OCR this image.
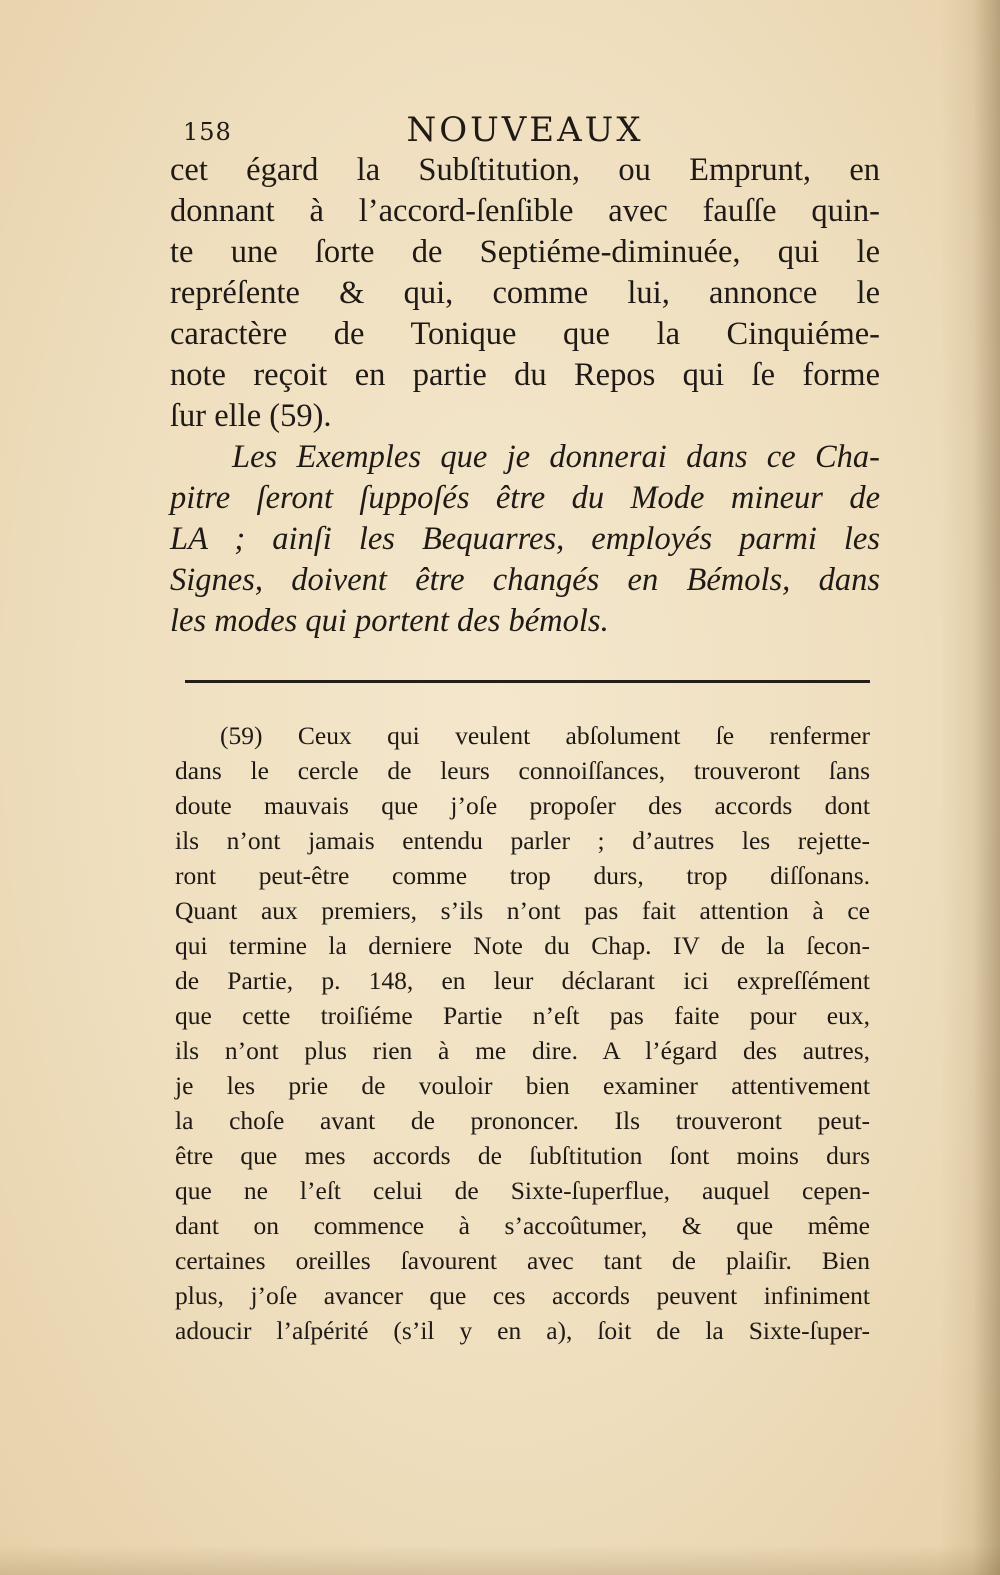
158	NOUVEAUX
cet égard la Subſtitution, ou Emprunt, en
donnant à l’accord-ſenſible avec fauſſe quin-
te une ſorte de Septiéme-diminuée, qui le
repréſente & qui, comme lui, annonce le
caractère de Tonique que la Cinquiéme-
note reçoit en partie du Repos qui ſe forme
ſur elle (59).
Les Exemples que je donnerai dans ce Cha-
pitre ſeront ſuppoſés être du Mode mineur de
LA ; ainſi les Bequarres, employés parmi les
Signes, doivent être changés en Bémols, dans
les modes qui portent des bémols.
(59) Ceux qui veulent abſolument ſe renfermer
dans le cercle de leurs connoiſſances, trouveront ſans
doute mauvais que j’oſe propoſer des accords dont
ils n’ont jamais entendu parler ; d’autres les rejette-
ront peut-être comme trop durs, trop diſſonans.
Quant aux premiers, s’ils n’ont pas fait attention à ce
qui termine la derniere Note du Chap. IV de la ſecon-
de Partie, p. 148, en leur déclarant ici expreſſément
que cette troiſiéme Partie n’eſt pas faite pour eux,
ils n’ont plus rien à me dire. A l’égard des autres,
je les prie de vouloir bien examiner attentivement
la choſe avant de prononcer. Ils trouveront peut-
être que mes accords de ſubſtitution ſont moins durs
que ne l’eſt celui de Sixte-ſuperflue, auquel cepen-
dant on commence à s’accoûtumer, & que même
certaines oreilles ſavourent avec tant de plaiſir. Bien
plus, j’oſe avancer que ces accords peuvent infiniment
adoucir l’aſpérité (s’il y en a), ſoit de la Sixte-ſuper-
